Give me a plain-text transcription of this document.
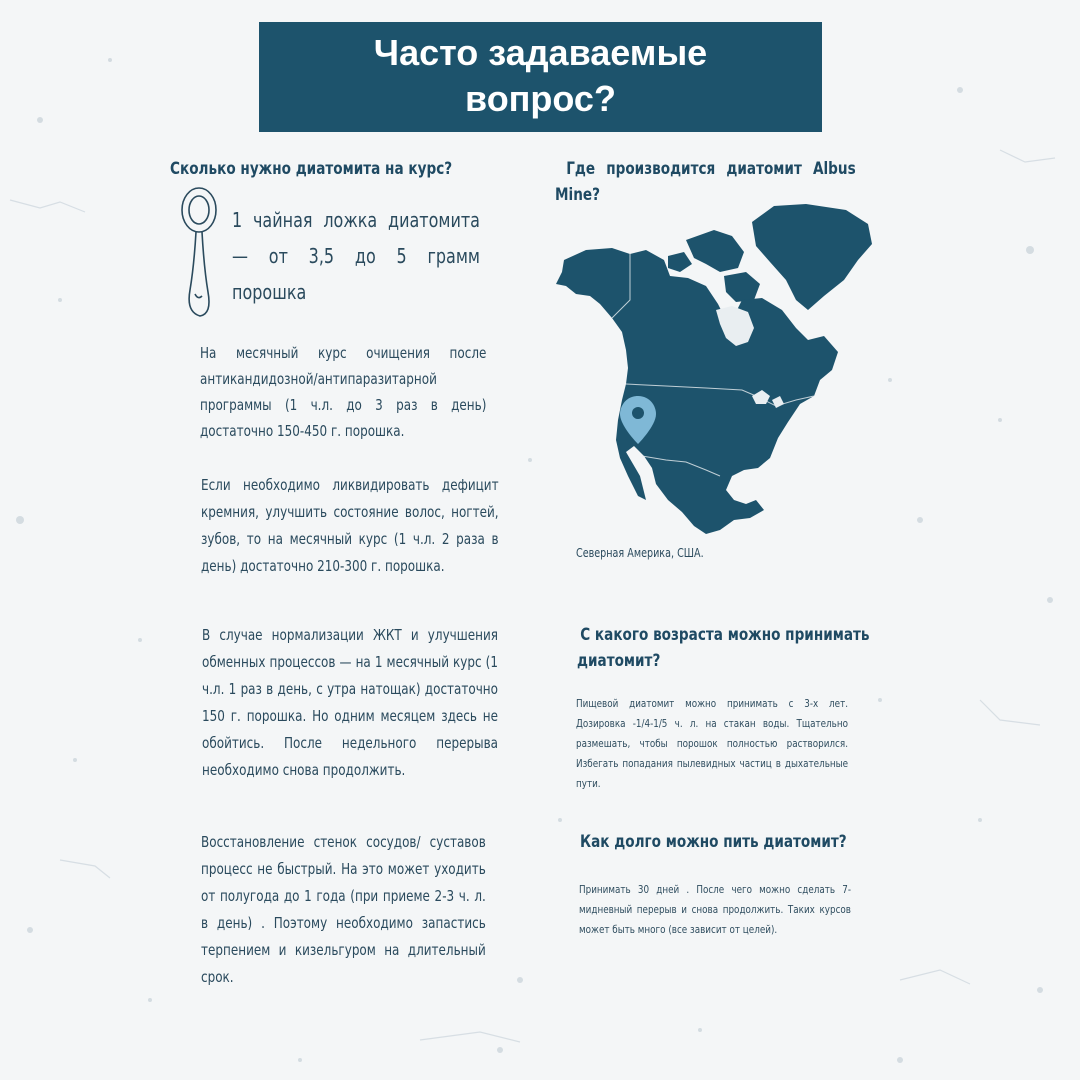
Часто задаваемые
вопрос?
Сколько нужно диатомита на курс?
1 чайная ложка диатомита — от 3,5 до 5 грамм порошка
На месячный курс очищения после антикандидозной/антипаразитарной программы (1 ч.л. до 3 раз в день) достаточно 150-450 г. порошка.
Если необходимо ликвидировать дефицит кремния, улучшить состояние волос, ногтей, зубов, то на месячный курс (1 ч.л. 2 раза в день) достаточно 210-300 г. порошка.
В случае нормализации ЖКТ и улучшения обменных процессов — на 1 месячный курс (1 ч.л. 1 раз в день, с утра натощак) достаточно 150 г. порошка. Но одним месяцем здесь не обойтись. После недельного перерыва необходимо снова продолжить.
Восстановление стенок сосудов/ суставов процесс не быстрый. На это может уходить от полугода до 1 года (при приеме 2-3 ч. л. в день) . Поэтому необходимо запастись терпением и кизельгуром на длительный срок.
Где производится диатомит Albus
Mine?
Северная Америка, США.
С какого возраста можно принимать
диатомит?
Пищевой диатомит можно принимать с 3-х лет. Дозировка -1/4-1/5 ч. л. на стакан воды. Тщательно размешать, чтобы порошок полностью растворился. Избегать попадания пылевидных частиц в дыхательные пути.
Как долго можно пить диатомит?
Принимать 30 дней . После чего можно сделать 7-мидневный перерыв и снова продолжить. Таких курсов может быть много (все зависит от целей).
